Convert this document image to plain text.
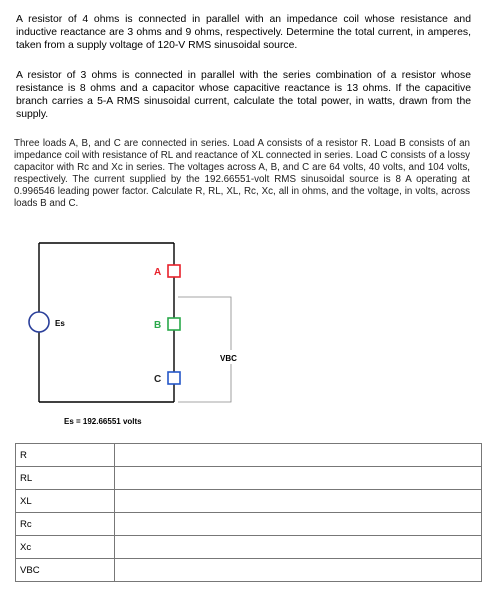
A resistor of 4 ohms is connected in parallel with an impedance coil whose resistance and inductive reactance are 3 ohms and 9 ohms, respectively. Determine the total current, in amperes, taken from a supply voltage of 120-V RMS sinusoidal source.
A resistor of 3 ohms is connected in parallel with the series combination of a resistor whose resistance is 8 ohms and a capacitor whose capacitive reactance is 13 ohms. If the capacitive branch carries a 5-A RMS sinusoidal current, calculate the total power, in watts, drawn from the supply.
Three loads A, B, and C are connected in series. Load A consists of a resistor R. Load B consists of an impedance coil with resistance of RL and reactance of XL connected in series. Load C consists of a lossy capacitor with Rc and Xc in series. The voltages across A, B, and C are 64 volts, 40 volts, and 104 volts, respectively. The current supplied by the 192.66551-volt RMS sinusoidal source is 8 A operating at 0.996546 leading power factor. Calculate R, RL, XL, Rc, Xc, all in ohms, and the voltage, in volts, across loads B and C.
Es
A
B
C
VBC
Es = 192.66551 volts
R	
RL	
XL	
Rc	
Xc	
VBC	
